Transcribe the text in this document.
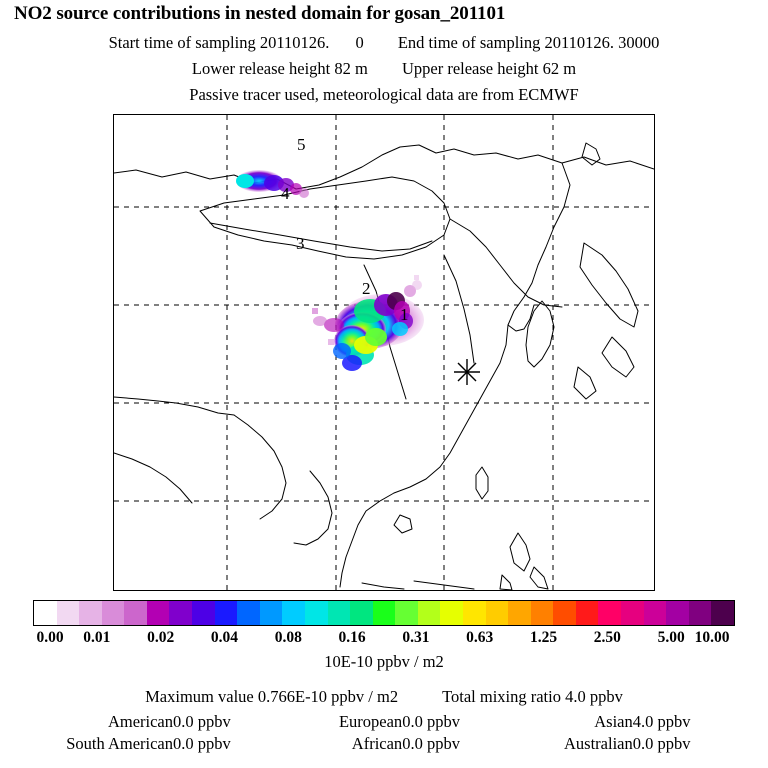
NO2 source contributions in nested domain for gosan_201101
Start time of sampling 20110126. 0 End time of sampling 20110126. 30000
Lower release height 82 m Upper release height 62 m
Passive tracer used, meteorological data are from ECMWF
5
4
3
2
1
0.00 0.01 0.02 0.04 0.08 0.16 0.31 0.63 1.25 2.50 5.00 10.00
10E-10 ppbv / m2
Maximum value 0.766E-10 ppbv / m2	Total mixing ratio 4.0 ppbv
American	0.0 ppbv	European	0.0 ppbv	Asian	4.0 ppbv
South American	0.0 ppbv	African	0.0 ppbv	Australian	0.0 ppbv
